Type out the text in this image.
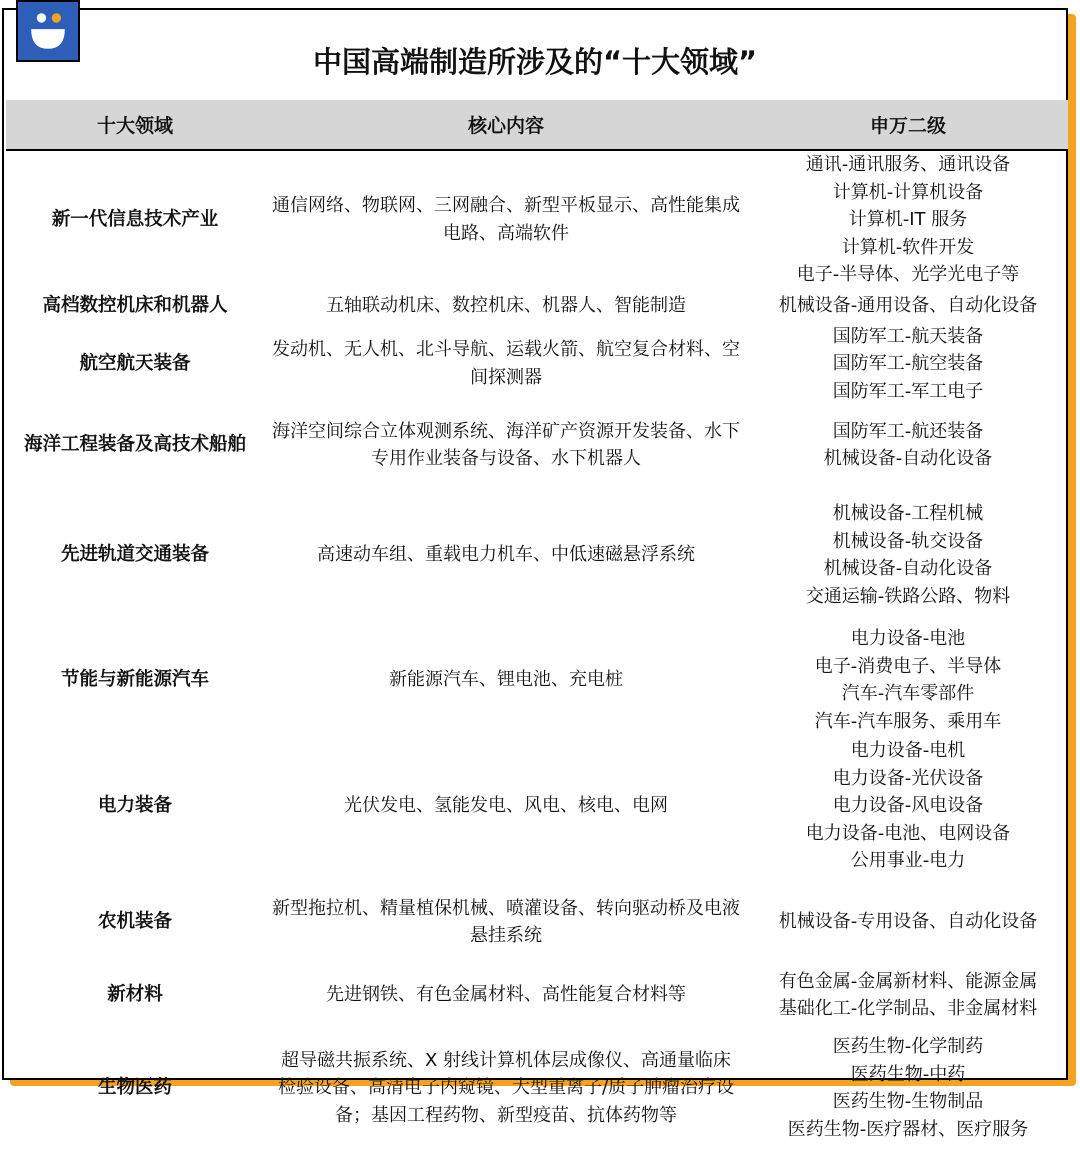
中国高端制造所涉及的“十大领域”
十大领域	核心内容	申万二级
新一代信息技术产业	通信网络、物联网、三网融合、新型平板显示、高性能集成电路、高端软件	通讯-通讯服务、通讯设备
计算机-计算机设备
计算机-IT 服务
计算机-软件开发
电子-半导体、光学光电子等

高档数控机床和机器人	五轴联动机床、数控机床、机器人、智能制造	机械设备-通用设备、自动化设备

航空航天装备	发动机、无人机、北斗导航、运载火箭、航空复合材料、空间探测器	国防军工-航天装备
国防军工-航空装备
国防军工-军工电子

海洋工程装备及高技术船舶	海洋空间综合立体观测系统、海洋矿产资源开发装备、水下专用作业装备与设备、水下机器人	国防军工-航还装备
机械设备-自动化设备

先进轨道交通装备	高速动车组、重载电力机车、中低速磁悬浮系统	机械设备-工程机械
机械设备-轨交设备
机械设备-自动化设备
交通运输-铁路公路、物料

节能与新能源汽车	新能源汽车、锂电池、充电桩	电力设备-电池
电子-消费电子、半导体
汽车-汽车零部件
汽车-汽车服务、乘用车

电力装备	光伏发电、氢能发电、风电、核电、电网	电力设备-电机
电力设备-光伏设备
电力设备-风电设备
电力设备-电池、电网设备
公用事业-电力

农机装备	新型拖拉机、精量植保机械、喷灌设备、转向驱动桥及电液悬挂系统	机械设备-专用设备、自动化设备

新材料	先进钢铁、有色金属材料、高性能复合材料等	有色金属-金属新材料、能源金属
基础化工-化学制品、非金属材料

生物医药	超导磁共振系统、X 射线计算机体层成像仪、高通量临床检验设备、高清电子内窥镜、大型重离子/质子肿瘤治疗设备；基因工程药物、新型疫苗、抗体药物等	医药生物-化学制药
医药生物-中药
医药生物-生物制品
医药生物-医疗器材、医疗服务
